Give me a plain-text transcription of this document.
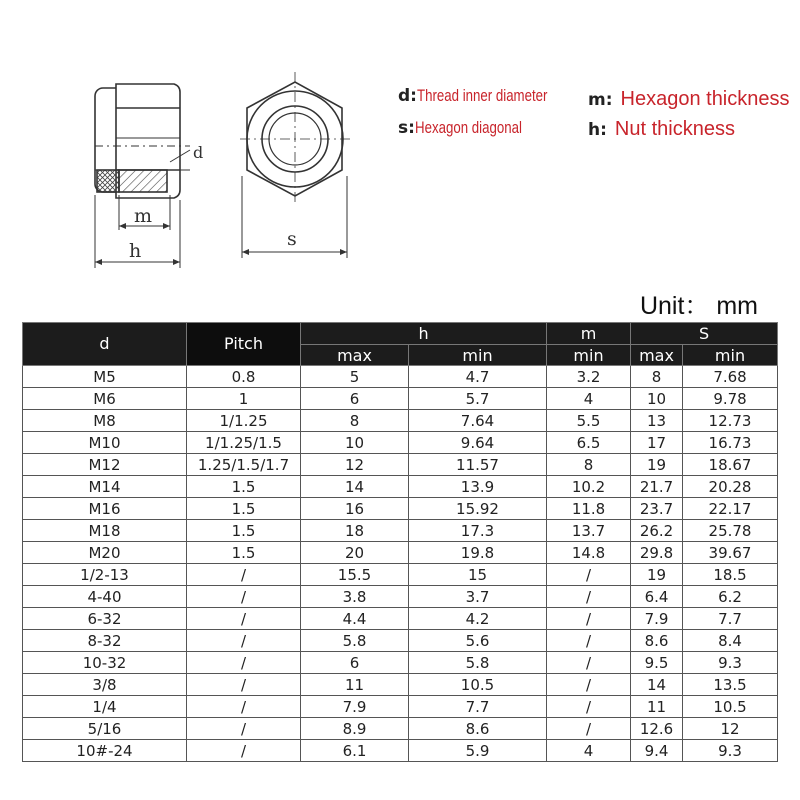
d
m
h
s
d:Thread inner diameter
s:Hexagon diagonal
m: Hexagon thickness
h: Nut thickness
Unit： mm
d	Pitch	h		m	S	
		max	min	min	max	min
M5	0.8	5	4.7	3.2	8	7.68
M6	1	6	5.7	4	10	9.78
M8	1/1.25	8	7.64	5.5	13	12.73
M10	1/1.25/1.5	10	9.64	6.5	17	16.73
M12	1.25/1.5/1.7	12	11.57	8	19	18.67
M14	1.5	14	13.9	10.2	21.7	20.28
M16	1.5	16	15.92	11.8	23.7	22.17
M18	1.5	18	17.3	13.7	26.2	25.78
M20	1.5	20	19.8	14.8	29.8	39.67
1/2-13	/	15.5	15	/	19	18.5
4-40	/	3.8	3.7	/	6.4	6.2
6-32	/	4.4	4.2	/	7.9	7.7
8-32	/	5.8	5.6	/	8.6	8.4
10-32	/	6	5.8	/	9.5	9.3
3/8	/	11	10.5	/	14	13.5
1/4	/	7.9	7.7	/	11	10.5
5/16	/	8.9	8.6	/	12.6	12
10#-24	/	6.1	5.9	4	9.4	9.3
